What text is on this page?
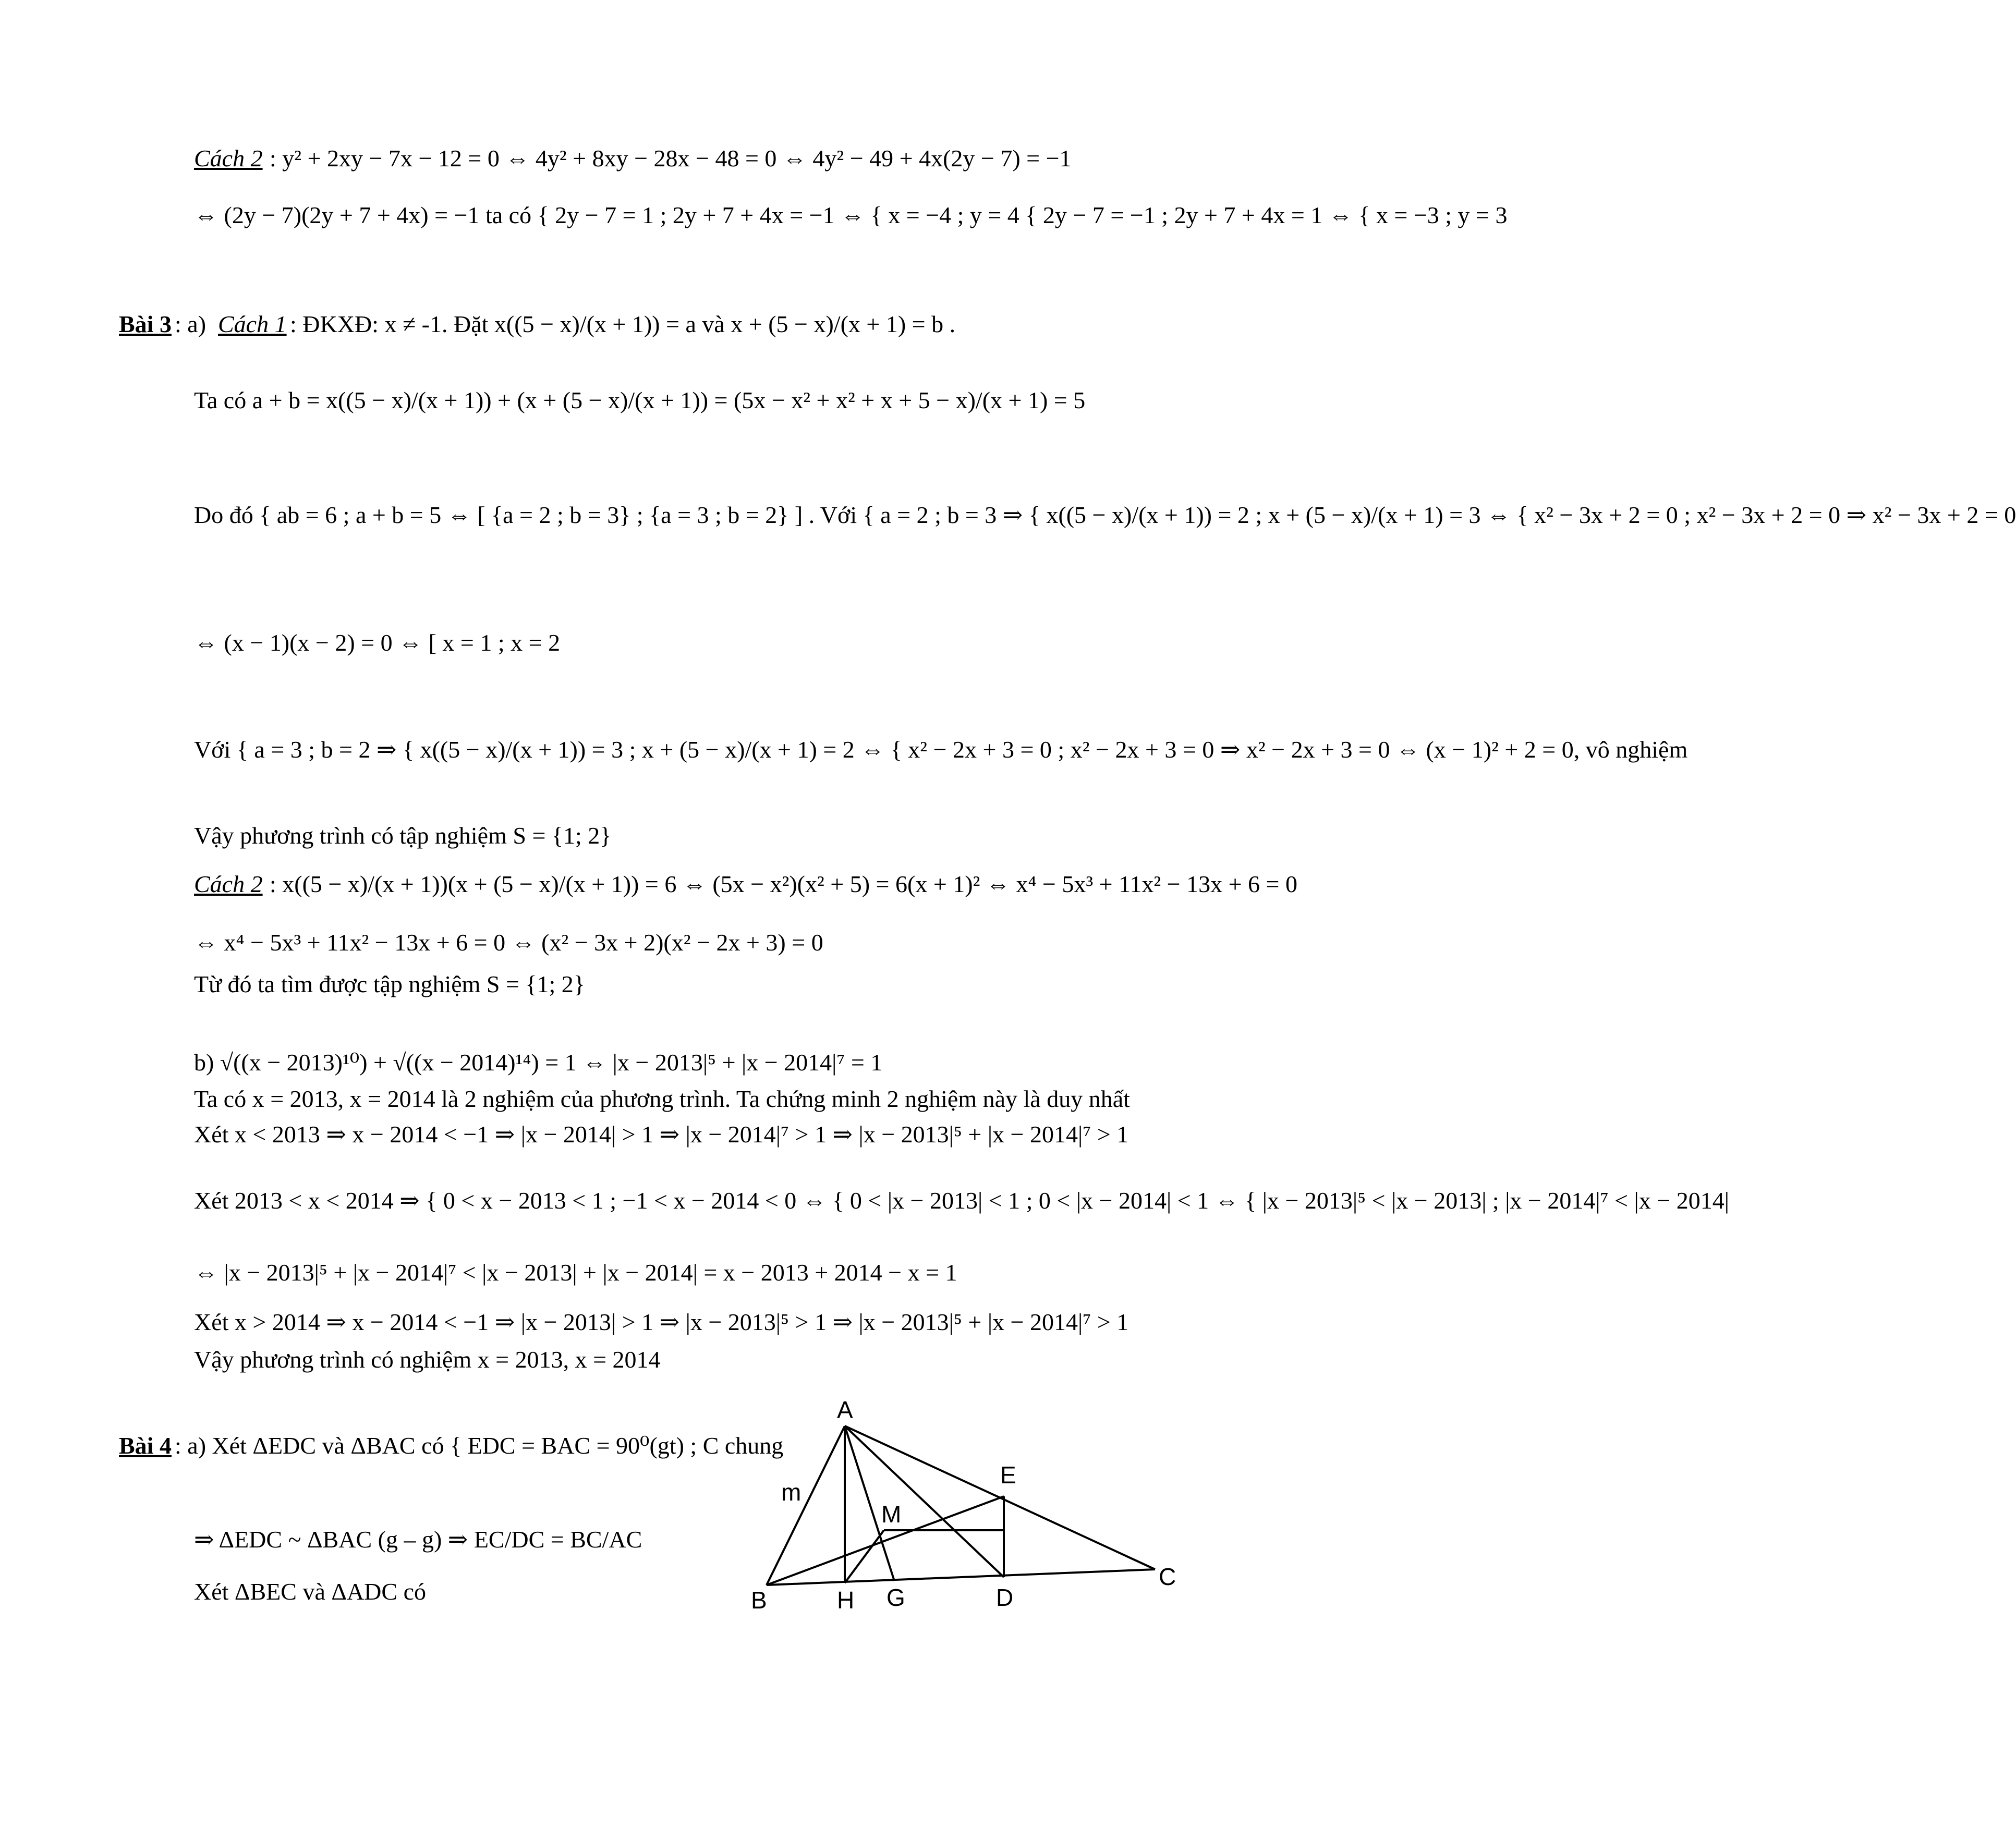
Cách 2 : y² + 2xy − 7x − 12 = 0 ⇔ 4y² + 8xy − 28x − 48 = 0 ⇔ 4y² − 49 + 4x(2y − 7) = −1
⇔ (2y − 7)(2y + 7 + 4x) = −1 ta có { 2y − 7 = 1 ; 2y + 7 + 4x = −1 ⇔ { x = −4 ; y = 4 { 2y − 7 = −1 ; 2y + 7 + 4x = 1 ⇔ { x = −3 ; y = 3
Bài 3 : a) Cách 1 : ĐKXĐ: x ≠ -1. Đặt x((5 − x)/(x + 1)) = a và x + (5 − x)/(x + 1) = b .
Ta có a + b = x((5 − x)/(x + 1)) + (x + (5 − x)/(x + 1)) = (5x − x² + x² + x + 5 − x)/(x + 1) = 5
Do đó { ab = 6 ; a + b = 5 ⇔ [ {a = 2 ; b = 3} ; {a = 3 ; b = 2} ] . Với { a = 2 ; b = 3 ⇒ { x((5 − x)/(x + 1)) = 2 ; x + (5 − x)/(x + 1) = 3 ⇔ { x² − 3x + 2 = 0 ; x² − 3x + 2 = 0 ⇒ x² − 3x + 2 = 0
⇔ (x − 1)(x − 2) = 0 ⇔ [ x = 1 ; x = 2
Với { a = 3 ; b = 2 ⇒ { x((5 − x)/(x + 1)) = 3 ; x + (5 − x)/(x + 1) = 2 ⇔ { x² − 2x + 3 = 0 ; x² − 2x + 3 = 0 ⇒ x² − 2x + 3 = 0 ⇔ (x − 1)² + 2 = 0, vô nghiệm
Vậy phương trình có tập nghiệm S = {1; 2}
Cách 2 : x((5 − x)/(x + 1))(x + (5 − x)/(x + 1)) = 6 ⇔ (5x − x²)(x² + 5) = 6(x + 1)² ⇔ x⁴ − 5x³ + 11x² − 13x + 6 = 0
⇔ x⁴ − 5x³ + 11x² − 13x + 6 = 0 ⇔ (x² − 3x + 2)(x² − 2x + 3) = 0
Từ đó ta tìm được tập nghiệm S = {1; 2}
b) √((x − 2013)¹⁰) + √((x − 2014)¹⁴) = 1 ⇔ |x − 2013|⁵ + |x − 2014|⁷ = 1
Ta có x = 2013, x = 2014 là 2 nghiệm của phương trình. Ta chứng minh 2 nghiệm này là duy nhất
Xét x < 2013 ⇒ x − 2014 < −1 ⇒ |x − 2014| > 1 ⇒ |x − 2014|⁷ > 1 ⇒ |x − 2013|⁵ + |x − 2014|⁷ > 1
Xét 2013 < x < 2014 ⇒ { 0 < x − 2013 < 1 ; −1 < x − 2014 < 0 ⇔ { 0 < |x − 2013| < 1 ; 0 < |x − 2014| < 1 ⇔ { |x − 2013|⁵ < |x − 2013| ; |x − 2014|⁷ < |x − 2014|
⇔ |x − 2013|⁵ + |x − 2014|⁷ < |x − 2013| + |x − 2014| = x − 2013 + 2014 − x = 1
Xét x > 2014 ⇒ x − 2014 < −1 ⇒ |x − 2013| > 1 ⇒ |x − 2013|⁵ > 1 ⇒ |x − 2013|⁵ + |x − 2014|⁷ > 1
Vậy phương trình có nghiệm x = 2013, x = 2014
Bài 4 : a) Xét ΔEDC và ΔBAC có { EDC = BAC = 90⁰(gt) ; C chung
⇒ ΔEDC ~ ΔBAC (g – g) ⇒ EC/DC = BC/AC
Xét ΔBEC và ΔADC có
A
B
C
D
E
H G
M
m
